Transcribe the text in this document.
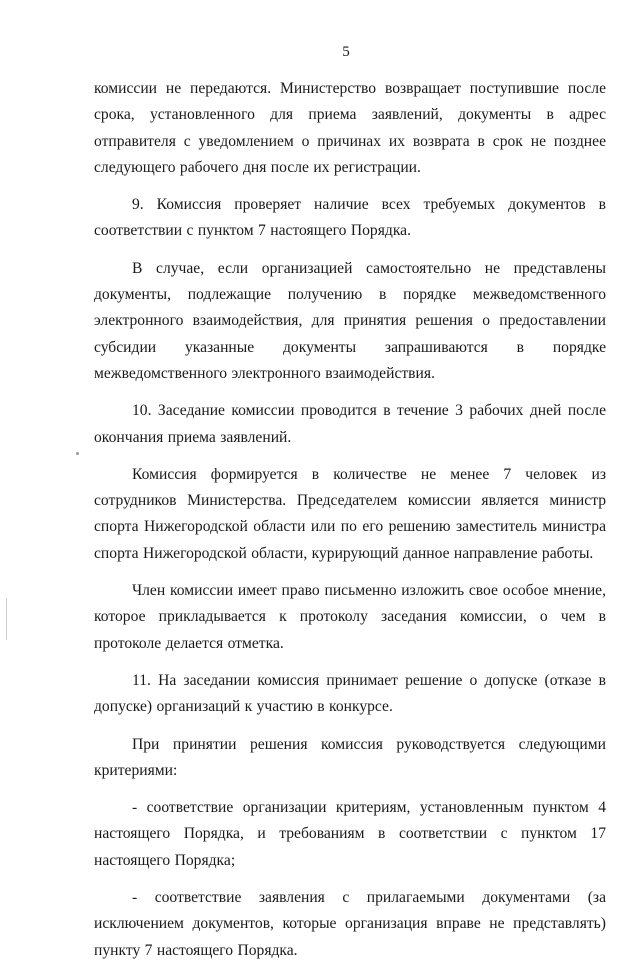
5

комиссии не передаются. Министерство возвращает поступившие после срока, установленного для приема заявлений, документы в адрес отправителя с уведомлением о причинах их возврата в срок не позднее следующего рабочего дня после их регистрации.

9. Комиссия проверяет наличие всех требуемых документов в соответствии с пунктом 7 настоящего Порядка.

В случае, если организацией самостоятельно не представлены документы, подлежащие получению в порядке межведомственного электронного взаимодействия, для принятия решения о предоставлении субсидии указанные документы запрашиваются в порядке межведомственного электронного взаимодействия.

10. Заседание комиссии проводится в течение 3 рабочих дней после окончания приема заявлений.

Комиссия формируется в количестве не менее 7 человек из сотрудников Министерства. Председателем комиссии является министр спорта Нижегородской области или по его решению заместитель министра спорта Нижегородской области, курирующий данное направление работы.

Член комиссии имеет право письменно изложить свое особое мнение, которое прикладывается к протоколу заседания комиссии, о чем в протоколе делается отметка.

11. На заседании комиссия принимает решение о допуске (отказе в допуске) организаций к участию в конкурсе.

При принятии решения комиссия руководствуется следующими критериями:

- соответствие организации критериям, установленным пунктом 4 настоящего Порядка, и требованиям в соответствии с пунктом 17 настоящего Порядка;

- соответствие заявления с прилагаемыми документами (за исключением документов, которые организация вправе не представлять) пункту 7 настоящего Порядка.
